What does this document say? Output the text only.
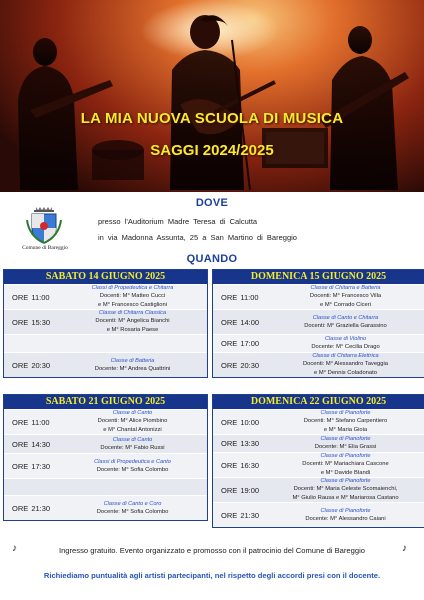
LA MIA NUOVA SCUOLA DI MUSICA
SAGGI 2024/2025
DOVE
Comune di Bareggio
presso l’Auditorium Madre Teresa di Calcutta
in via Madonna Assunta, 25 a San Martino di Bareggio
QUANDO
SABATO 14 GIUGNO 2025
ORE 11:00
Classi di Propedeutica e Chitarra
Docenti: M° Matteo Cucci
e M° Francesco Castiglioni
ORE 15:30
Classe di Chitarra Classica
Docenti: M° Angelica Bianchi
e M° Rosaria Paese
ORE 20:30	Classe di Batteria
Docente: M° Andrea Quattrini
DOMENICA 15 GIUGNO 2025
ORE 11:00
Classe di Chitarra e Batteria
Docenti: M° Francesco Villa
e M° Corrado Ciceri
ORE 14:00	Classe di Canto e Chitarra
Docenti: M° Graziella Garassino
ORE 17:00	Classe di Violino
Docente: M° Cecilia Drago
ORE 20:30
Classe di Chitarra Elettrica
Docenti: M° Alessandro Taveggia
e M° Dennis Coladonato
SABATO 21 GIUGNO 2025
ORE 11:00
Classe di Canto
Docenti: M° Alice Piombino
e M° Chantal Antonizzi
ORE 14:30	Classe di Canto
Docente: M° Fabio Russi
ORE 17:30	Classi di Propedeutica e Canto
Docente: M° Sofia Colombo
ORE 21:30	Classe di Canto e Coro
Docente: M° Sofia Colombo
DOMENICA 22 GIUGNO 2025
ORE 10:00
Classe di Pianoforte
Docenti: M° Stefano Carpentiero
e M° Maria Gioia
ORE 13:30	Classe di Pianoforte
Docente: M° Elia Grassi
ORE 16:30
Classe di Pianoforte
Docenti: M° Mariachiara Cascone
e M° Davide Blandi
ORE 19:00
Classe di Pianoforte
Docenti: M° Maria Celeste Scomaienchi,
M° Giulio Rausa e M° Mariarosa Castano
ORE 21:30	Classe di Pianoforte
Docente: M° Alessandro Caiani
♪	♪
Ingresso gratuito. Evento organizzato e promosso con il patrocinio del Comune di Bareggio
Richiediamo puntualità agli artisti partecipanti, nel rispetto degli accordi presi con il docente.
